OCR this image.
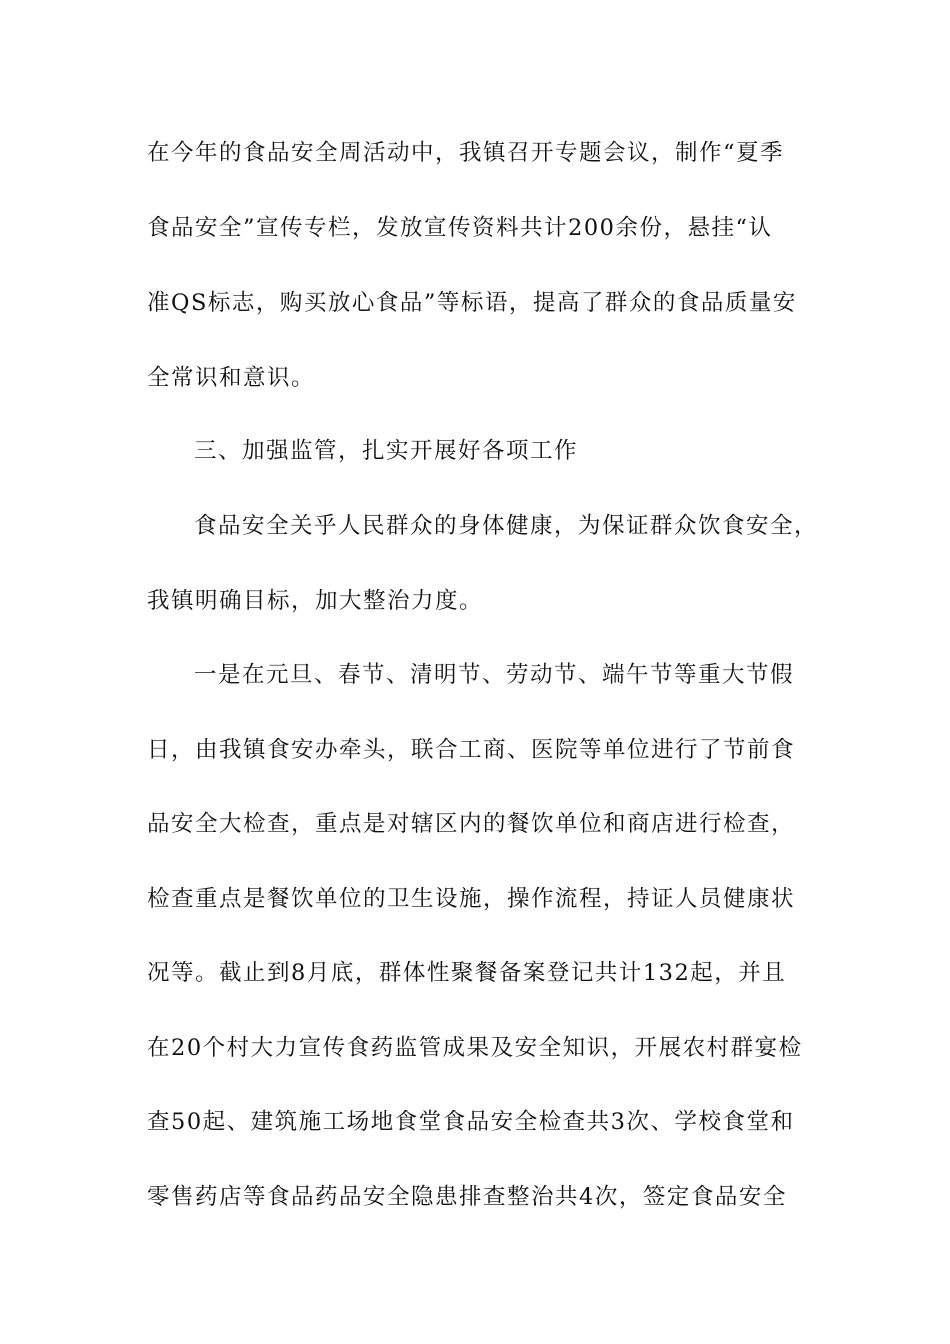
在今年的食品安全周活动中，我镇召开专题会议，制作“夏季
食品安全”宣传专栏，发放宣传资料共计200余份，悬挂“认
准QS标志，购买放心食品”等标语，提高了群众的食品质量安
全常识和意识。
三、加强监管，扎实开展好各项工作
食品安全关乎人民群众的身体健康，为保证群众饮食安全，
我镇明确目标，加大整治力度。
一是在元旦、春节、清明节、劳动节、端午节等重大节假
日，由我镇食安办牵头，联合工商、医院等单位进行了节前食
品安全大检查，重点是对辖区内的餐饮单位和商店进行检查，
检查重点是餐饮单位的卫生设施，操作流程，持证人员健康状
况等。截止到8月底，群体性聚餐备案登记共计132起，并且
在20个村大力宣传食药监管成果及安全知识，开展农村群宴检
查50起、建筑施工场地食堂食品安全检查共3次、学校食堂和
零售药店等食品药品安全隐患排查整治共4次，签定食品安全
